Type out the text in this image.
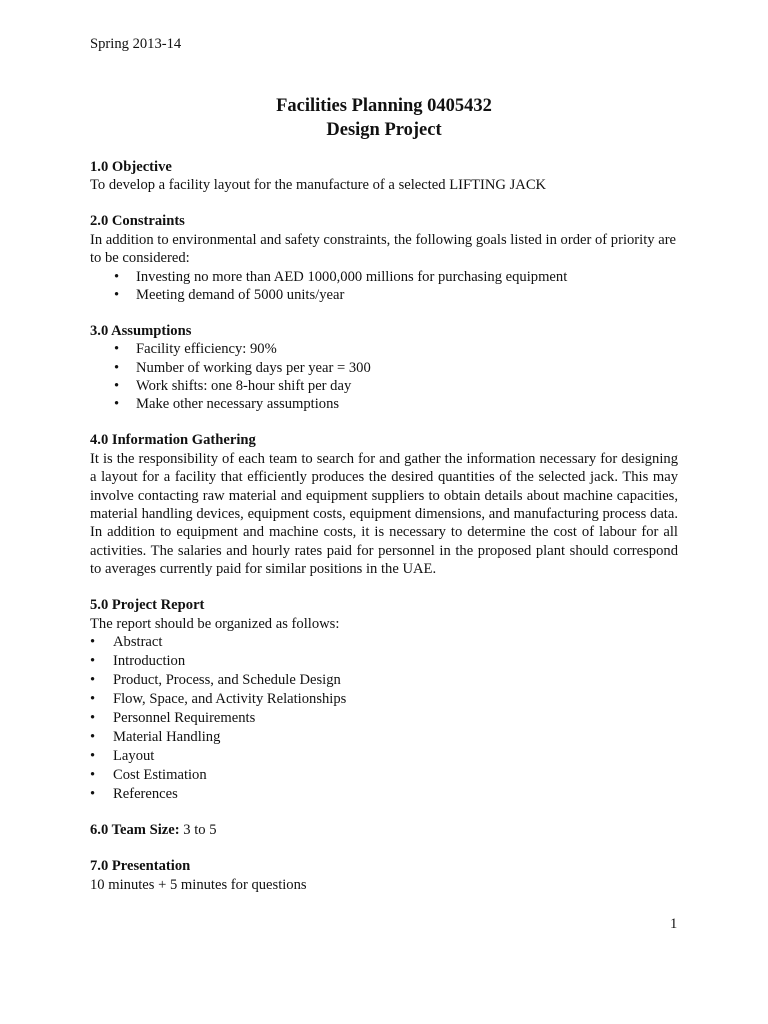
Spring 2013-14
Facilities Planning 0405432
Design Project
1.0 Objective
To develop a facility layout for the manufacture of a selected LIFTING JACK
2.0 Constraints
In addition to environmental and safety constraints, the following goals listed in order of priority are to be considered:
• Investing no more than AED 1000,000 millions for purchasing equipment
• Meeting demand of 5000 units/year
3.0 Assumptions
• Facility efficiency: 90%
• Number of working days per year = 300
• Work shifts: one 8-hour shift per day
• Make other necessary assumptions
4.0 Information Gathering
It is the responsibility of each team to search for and gather the information necessary for designing a layout for a facility that efficiently produces the desired quantities of the selected jack. This may involve contacting raw material and equipment suppliers to obtain details about machine capacities, material handling devices, equipment costs, equipment dimensions, and manufacturing process data. In addition to equipment and machine costs, it is necessary to determine the cost of labour for all activities. The salaries and hourly rates paid for personnel in the proposed plant should correspond to averages currently paid for similar positions in the UAE.
5.0 Project Report
The report should be organized as follows:
• Abstract
• Introduction
• Product, Process, and Schedule Design
• Flow, Space, and Activity Relationships
• Personnel Requirements
• Material Handling
• Layout
• Cost Estimation
• References
6.0 Team Size: 3 to 5
7.0 Presentation
10 minutes + 5 minutes for questions
1
